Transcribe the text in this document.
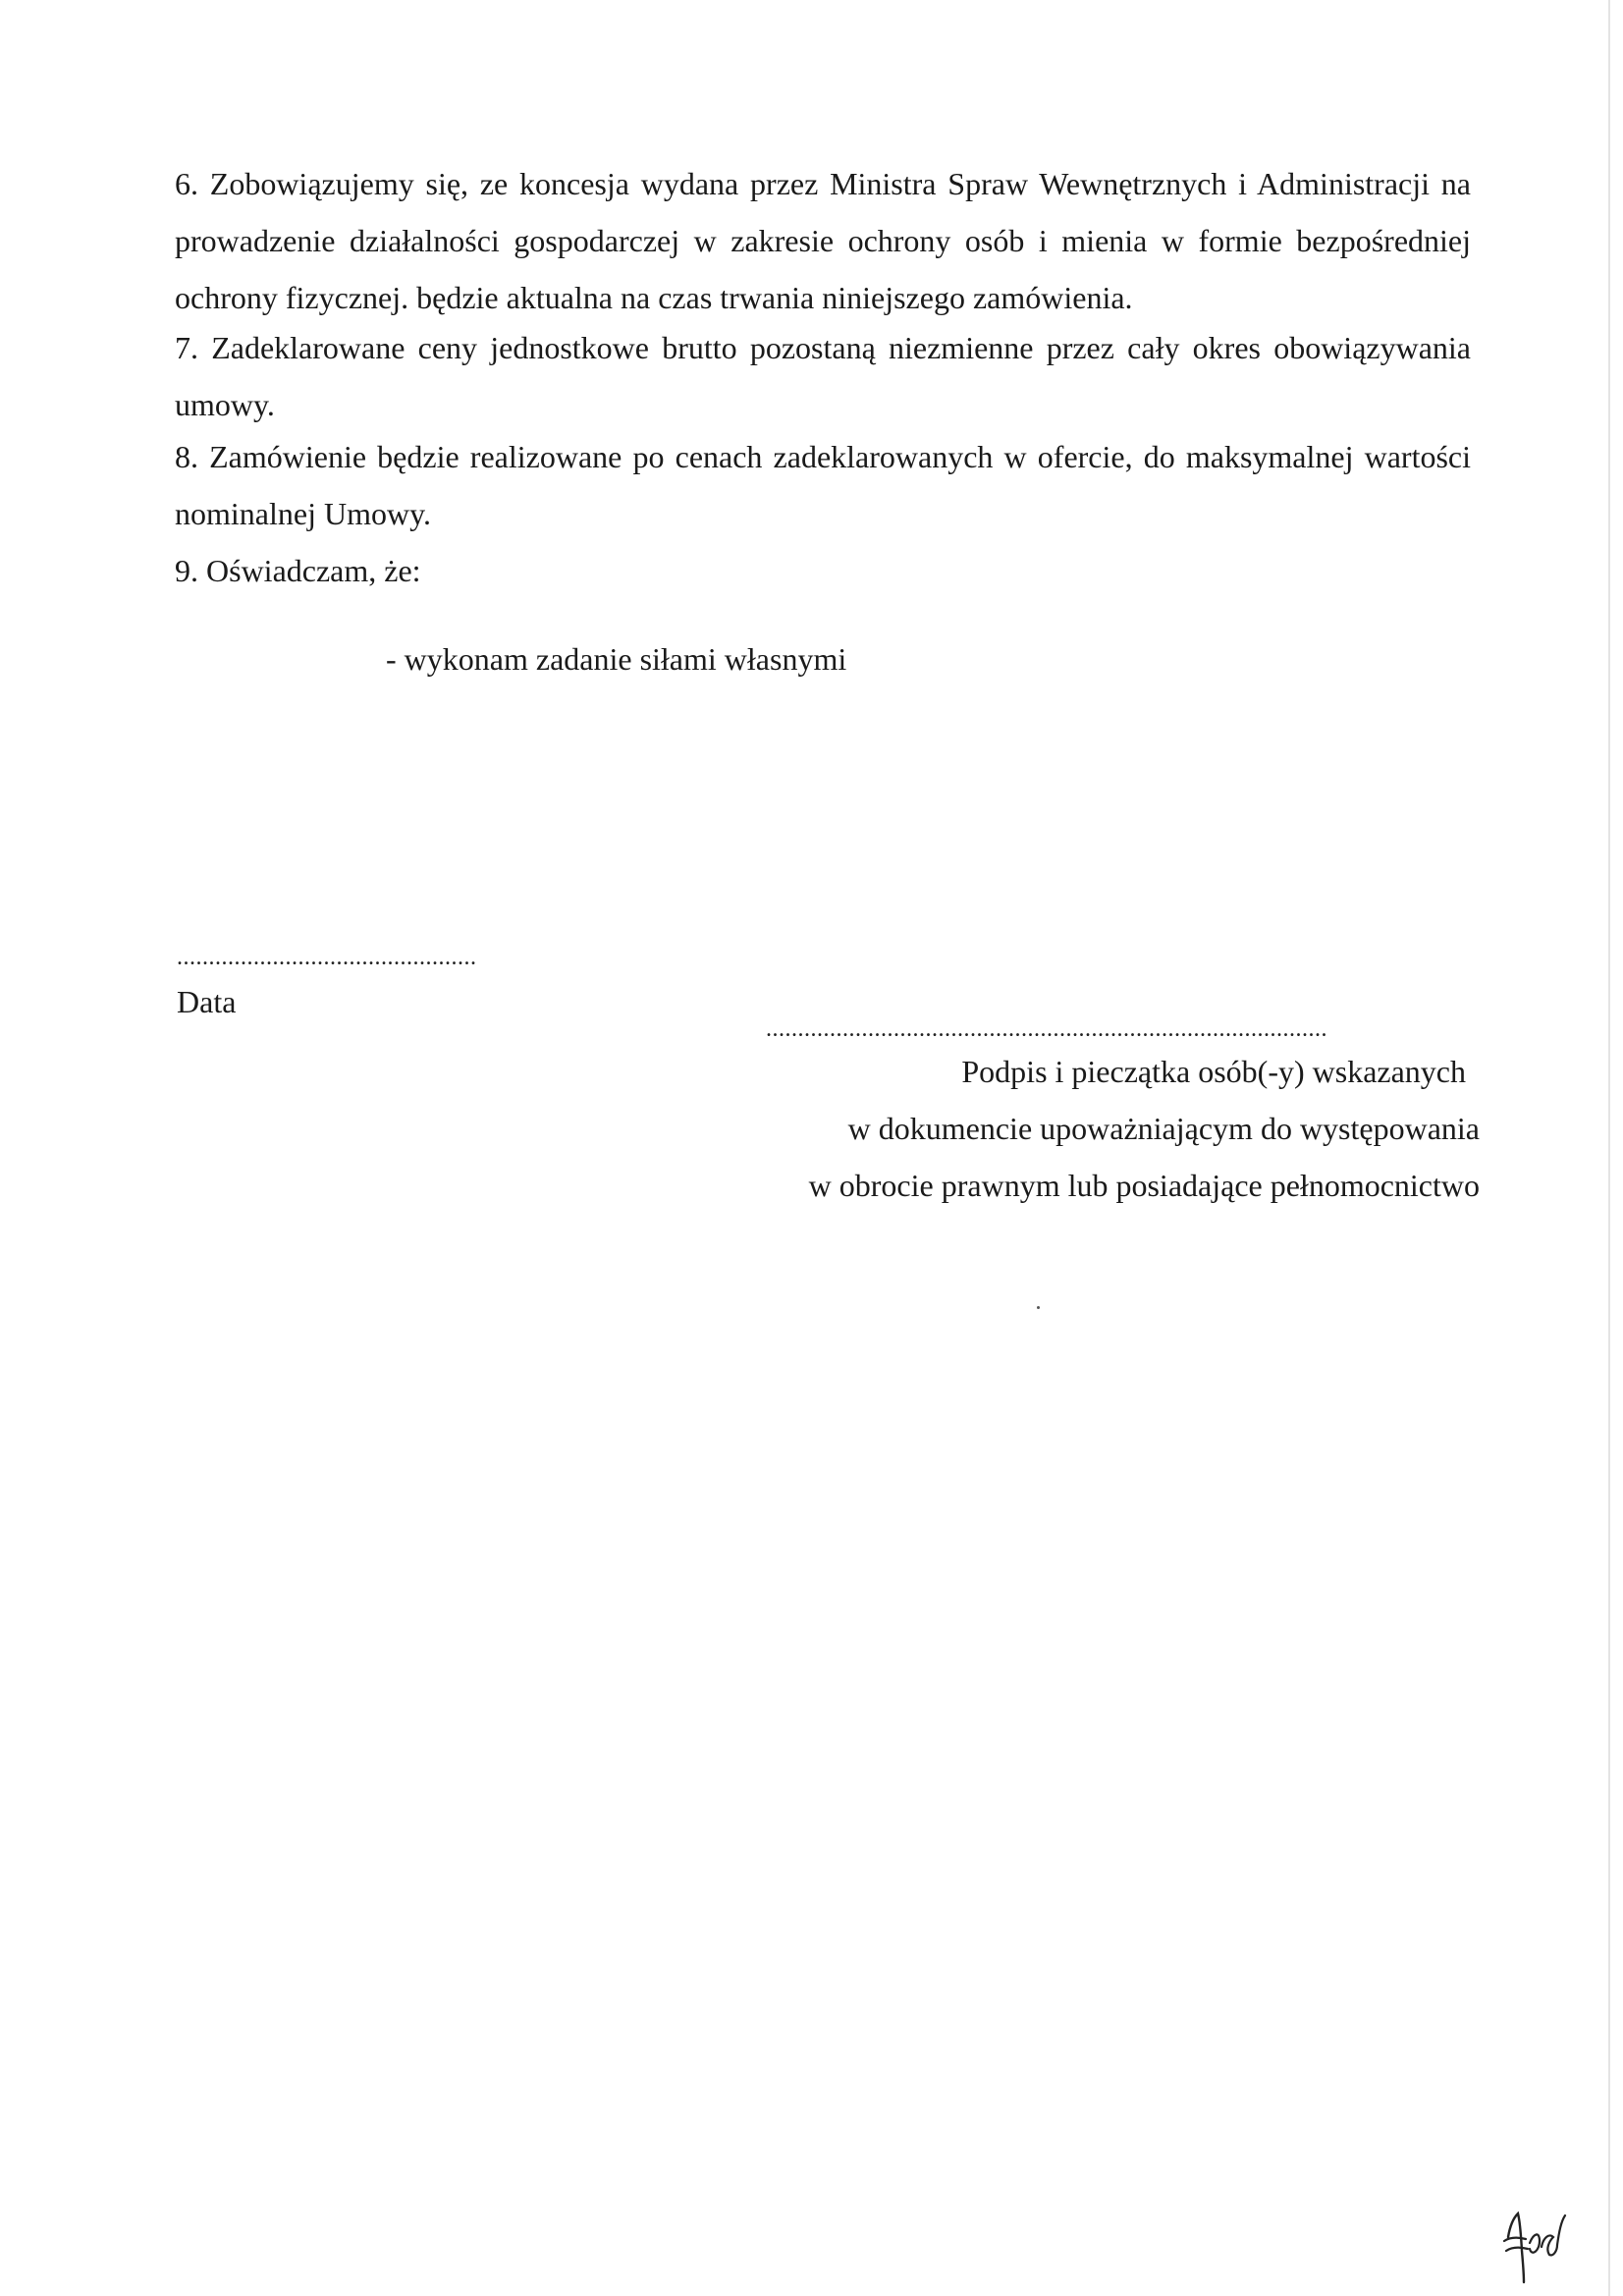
6. Zobowiązujemy się, ze koncesja wydana przez Ministra Spraw Wewnętrznych i Administracji na prowadzenie działalności gospodarczej w zakresie ochrony osób i mienia w formie bezpośredniej ochrony fizycznej. będzie aktualna na czas trwania niniejszego zamówienia.

7. Zadeklarowane ceny jednostkowe brutto pozostaną niezmienne przez cały okres obowiązywania umowy.

8. Zamówienie będzie realizowane po cenach zadeklarowanych w ofercie, do maksymalnej wartości nominalnej Umowy.

9. Oświadczam, że:

- wykonam zadanie siłami własnymi
...............................................
Data
........................................................................................
Podpis i pieczątka osób(-y) wskazanych
w dokumencie upoważniającym do występowania
w obrocie prawnym lub posiadające pełnomocnictwo
